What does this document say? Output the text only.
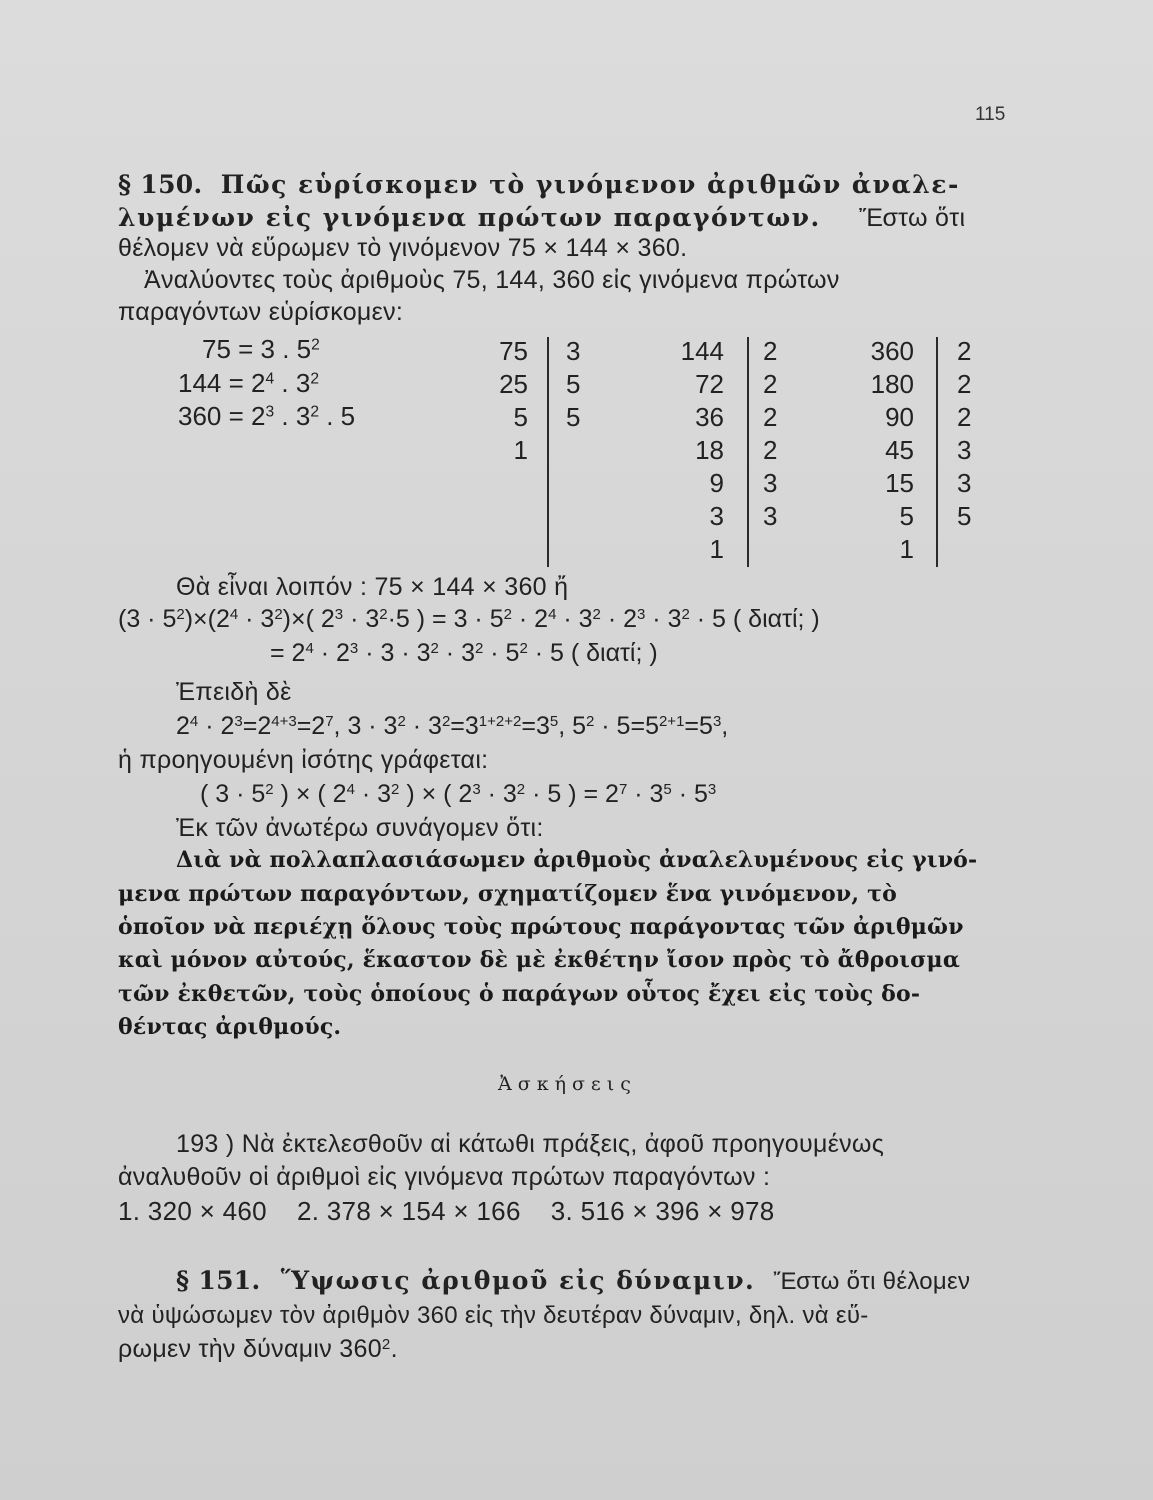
115
§ 150. Πῶς εὑρίσκομεν τὸ γινόμενον ἀριθμῶν ἀναλε-
λυμένων εἰς γινόμενα πρώτων παραγόντων. Ἔστω ὅτι
θέλομεν νὰ εὕρωμεν τὸ γινόμενον 75 × 144 × 360.
Ἀναλύοντες τοὺς ἀριθμοὺς 75, 144, 360 εἰς γινόμενα πρώτων
παραγόντων εὑρίσκομεν:
75 = 3 . $5^2$
$144 = 2^4$ . $3^2$
$360 = 2^3$ . $3^2$ . 5
75
25
5
1
3
5
5
144
72
36
18
9
3
1
2
2
2
2
3
3
360
180
90
45
15
5
1
2
2
2
3
3
5
Θὰ εἶναι λοιπόν : 75 × 144 × 360 ἤ
$(3 \cdot 5^2)\times(2^4 \cdot 3^2)\times$( $2^3 \cdot 3^2\cdot 5$ ) = $3 \cdot 5^2 \cdot 2^4 \cdot 3^2 \cdot 2^3 \cdot 3^2 \cdot 5$ ( διατί; )
= $2^4 \cdot 2^3 \cdot 3 \cdot 3^2 \cdot 3^2 \cdot 5^2 \cdot 5$ ( διατί; )
Ἐπειδὴ δὲ
$2^4 \cdot 2^3=2^{4+3}=2^7$, $3 \cdot 3^2 \cdot 3^2=3^{1+2+2}=3^5$, $5^2 \cdot 5=5^{2+1}=5^3$,
ἡ προηγουμένη ἰσότης γράφεται:
( $3 \cdot 5^2$ ) × ( $2^4 \cdot 3^2$ ) × ( $2^3 \cdot 3^2 \cdot 5$ ) = $2^7 \cdot 3^5 \cdot 5^3$
Ἐκ τῶν ἀνωτέρω συνάγομεν ὅτι:
Διὰ νὰ πολλαπλασιάσωμεν ἀριθμοὺς ἀναλελυμένους εἰς γινό-
μενα πρώτων παραγόντων, σχηματίζομεν ἕνα γινόμενον, τὸ
ὁποῖον νὰ περιέχῃ ὅλους τοὺς πρώτους παράγοντας τῶν ἀριθμῶν
καὶ μόνον αὐτούς, ἕκαστον δὲ μὲ ἐκθέτην ἴσον πρὸς τὸ ἄθροισμα
τῶν ἐκθετῶν, τοὺς ὁποίους ὁ παράγων οὗτος ἔχει εἰς τοὺς δο-
θέντας ἀριθμούς.
Ἀσκήσεις
193 ) Νὰ ἐκτελεσθοῦν αἱ κάτωθι πράξεις, ἀφοῦ προηγουμένως
ἀναλυθοῦν οἱ ἀριθμοὶ εἰς γινόμενα πρώτων παραγόντων :
1. 320 × 460    2. 378 × 154 × 166    3. 516 × 396 × 978
§ 151. Ὕψωσις ἀριθμοῦ εἰς δύναμιν. Ἔστω ὅτι θέλομεν
νὰ ὑψώσωμεν τὸν ἀριθμὸν 360 εἰς τὴν δευτέραν δύναμιν, δηλ. νὰ εὕ-
ρωμεν τὴν δύναμιν $360^2$.
